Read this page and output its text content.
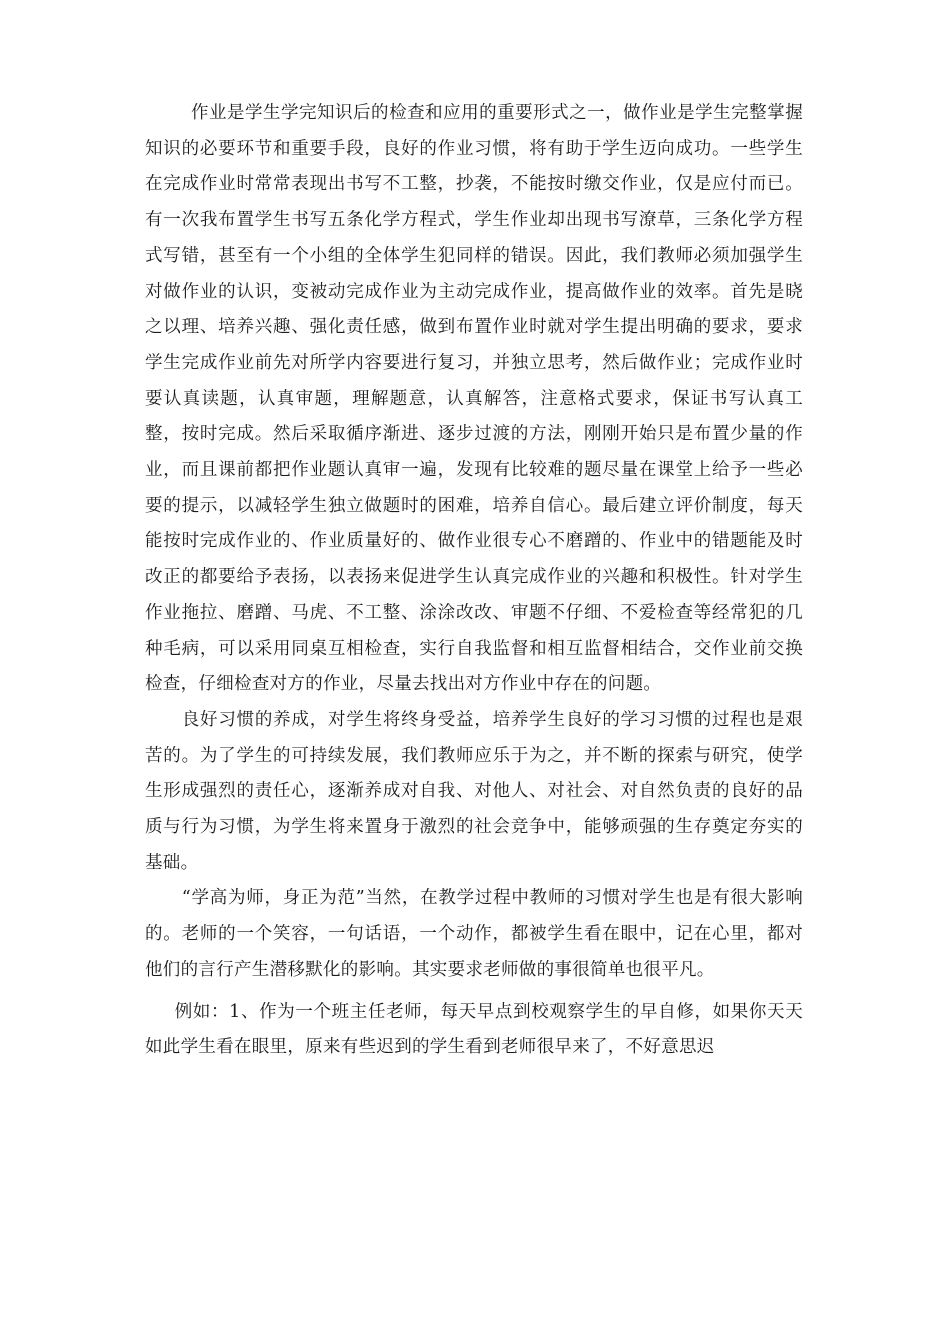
作业是学生学完知识后的检查和应用的重要形式之一，做作业是学生完整掌握知识的必要环节和重要手段，良好的作业习惯，将有助于学生迈向成功。一些学生在完成作业时常常表现出书写不工整，抄袭，不能按时缴交作业，仅是应付而已。有一次我布置学生书写五条化学方程式，学生作业却出现书写潦草，三条化学方程式写错，甚至有一个小组的全体学生犯同样的错误。因此，我们教师必须加强学生对做作业的认识，变被动完成作业为主动完成作业，提高做作业的效率。首先是晓之以理、培养兴趣、强化责任感，做到布置作业时就对学生提出明确的要求，要求学生完成作业前先对所学内容要进行复习，并独立思考，然后做作业；完成作业时要认真读题，认真审题，理解题意，认真解答，注意格式要求，保证书写认真工整，按时完成。然后采取循序渐进、逐步过渡的方法，刚刚开始只是布置少量的作业，而且课前都把作业题认真审一遍，发现有比较难的题尽量在课堂上给予一些必要的提示，以减轻学生独立做题时的困难，培养自信心。最后建立评价制度，每天能按时完成作业的、作业质量好的、做作业很专心不磨蹭的、作业中的错题能及时改正的都要给予表扬，以表扬来促进学生认真完成作业的兴趣和积极性。针对学生作业拖拉、磨蹭、马虎、不工整、涂涂改改、审题不仔细、不爱检查等经常犯的几种毛病，可以采用同桌互相检查，实行自我监督和相互监督相结合，交作业前交换检查，仔细检查对方的作业，尽量去找出对方作业中存在的问题。

良好习惯的养成，对学生将终身受益，培养学生良好的学习习惯的过程也是艰苦的。为了学生的可持续发展，我们教师应乐于为之，并不断的探索与研究，使学生形成强烈的责任心，逐渐养成对自我、对他人、对社会、对自然负责的良好的品质与行为习惯，为学生将来置身于激烈的社会竞争中，能够顽强的生存奠定夯实的基础。

“学高为师，身正为范”当然，在教学过程中教师的习惯对学生也是有很大影响的。老师的一个笑容，一句话语，一个动作，都被学生看在眼中，记在心里，都对他们的言行产生潜移默化的影响。其实要求老师做的事很简单也很平凡。

例如：1、作为一个班主任老师，每天早点到校观察学生的早自修，如果你天天如此学生看在眼里，原来有些迟到的学生看到老师很早来了，不好意思迟
